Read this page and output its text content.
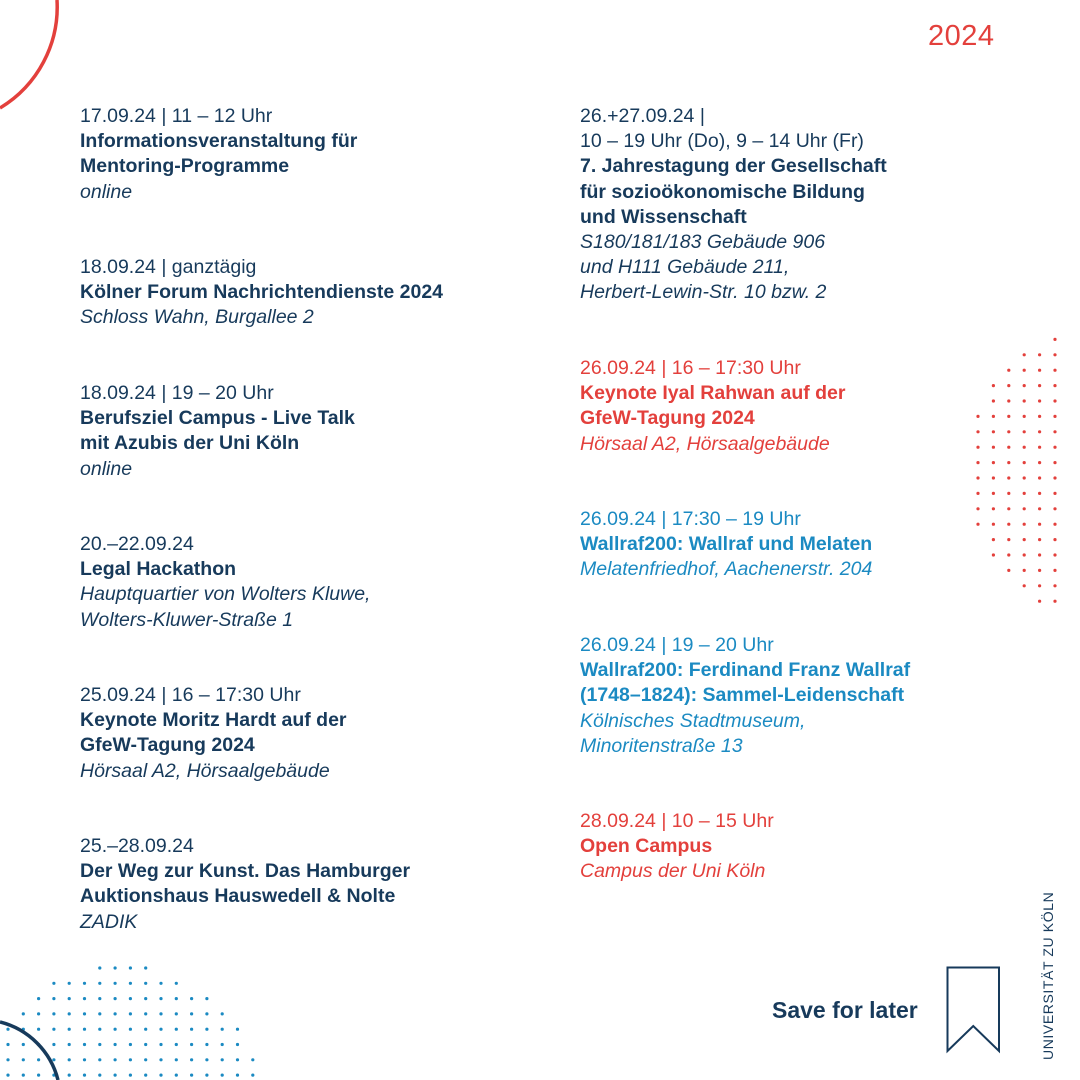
2024
17.09.24 | 11 – 12 Uhr
Informationsveranstaltung für
Mentoring-Programme
online
18.09.24 | ganztägig
Kölner Forum Nachrichtendienste 2024
Schloss Wahn, Burgallee 2
18.09.24 | 19 – 20 Uhr
Berufsziel Campus - Live Talk
mit Azubis der Uni Köln
online
20.–22.09.24
Legal Hackathon
Hauptquartier von Wolters Kluwe,
Wolters-Kluwer-Straße 1
25.09.24 | 16 – 17:30 Uhr
Keynote Moritz Hardt auf der
GfeW-Tagung 2024
Hörsaal A2, Hörsaalgebäude
25.–28.09.24
Der Weg zur Kunst. Das Hamburger
Auktionshaus Hauswedell & Nolte
ZADIK
26.+27.09.24 |
10 – 19 Uhr (Do), 9 – 14 Uhr (Fr)
7. Jahrestagung der Gesellschaft
für sozioökonomische Bildung
und Wissenschaft
S180/181/183 Gebäude 906
und H111 Gebäude 211,
Herbert-Lewin-Str. 10 bzw. 2
26.09.24 | 16 – 17:30 Uhr
Keynote Iyal Rahwan auf der
GfeW-Tagung 2024
Hörsaal A2, Hörsaalgebäude
26.09.24 | 17:30 – 19 Uhr
Wallraf200: Wallraf und Melaten
Melatenfriedhof, Aachenerstr. 204
26.09.24 | 19 – 20 Uhr
Wallraf200: Ferdinand Franz Wallraf
(1748–1824): Sammel-Leidenschaft
Kölnisches Stadtmuseum,
Minoritenstraße 13
28.09.24 | 10 – 15 Uhr
Open Campus
Campus der Uni Köln
Save for later	UNIVERSITÄT ZU KÖLN
